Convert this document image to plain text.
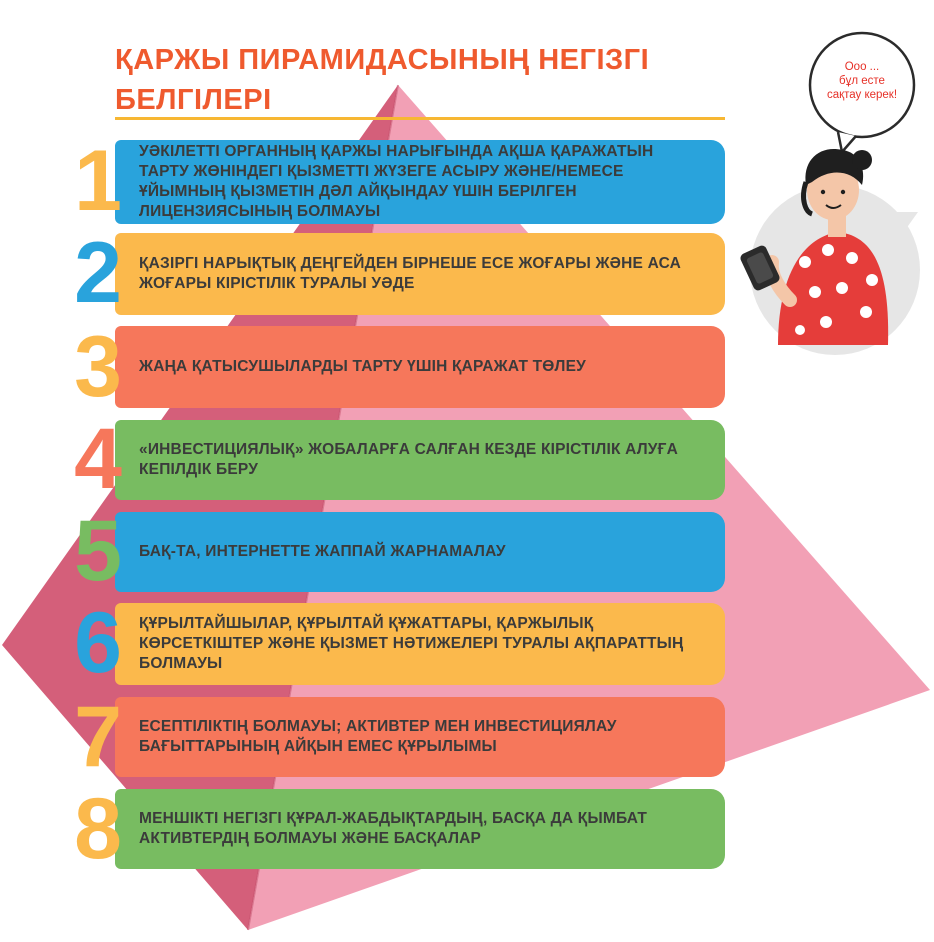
Ооо ...
бұл есте
сақтау керек!
ҚАРЖЫ ПИРАМИДАСЫНЫҢ НЕГІЗГІ БЕЛГІЛЕРІ
УӘКІЛЕТТІ ОРГАННЫҢ ҚАРЖЫ НАРЫҒЫНДА АҚША ҚАРАЖАТЫН ТАРТУ ЖӨНІНДЕГІ ҚЫЗМЕТТІ ЖҮЗЕГЕ АСЫРУ ЖӘНЕ/НЕМЕСЕ ҰЙЫМНЫҢ ҚЫЗМЕТІН ДӘЛ АЙҚЫНДАУ ҮШІН БЕРІЛГЕН ЛИЦЕНЗИЯСЫНЫҢ БОЛМАУЫ
1
ҚАЗІРГІ НАРЫҚТЫҚ ДЕҢГЕЙДЕН БІРНЕШЕ ЕСЕ ЖОҒАРЫ ЖӘНЕ АСА ЖОҒАРЫ КІРІСТІЛІК ТУРАЛЫ УӘДЕ
2
ЖАҢА ҚАТЫСУШЫЛАРДЫ ТАРТУ ҮШІН ҚАРАЖАТ ТӨЛЕУ
3
«ИНВЕСТИЦИЯЛЫҚ» ЖОБАЛАРҒА САЛҒАН КЕЗДЕ КІРІСТІЛІК АЛУҒА КЕПІЛДІК БЕРУ
4
БАҚ-ТА, ИНТЕРНЕТТЕ ЖАППАЙ ЖАРНАМАЛАУ
5
ҚҰРЫЛТАЙШЫЛАР, ҚҰРЫЛТАЙ ҚҰЖАТТАРЫ, ҚАРЖЫЛЫҚ КӨРСЕТКІШТЕР ЖӘНЕ ҚЫЗМЕТ НӘТИЖЕЛЕРІ ТУРАЛЫ АҚПАРАТТЫҢ БОЛМАУЫ
6
ЕСЕПТІЛІКТІҢ БОЛМАУЫ; АКТИВТЕР МЕН ИНВЕСТИЦИЯЛАУ БАҒЫТТАРЫНЫҢ АЙҚЫН ЕМЕС ҚҰРЫЛЫМЫ
7
МЕНШІКТІ НЕГІЗГІ ҚҰРАЛ-ЖАБДЫҚТАРДЫҢ, БАСҚА ДА ҚЫМБАТ АКТИВТЕРДІҢ БОЛМАУЫ ЖӘНЕ БАСҚАЛАР
8
